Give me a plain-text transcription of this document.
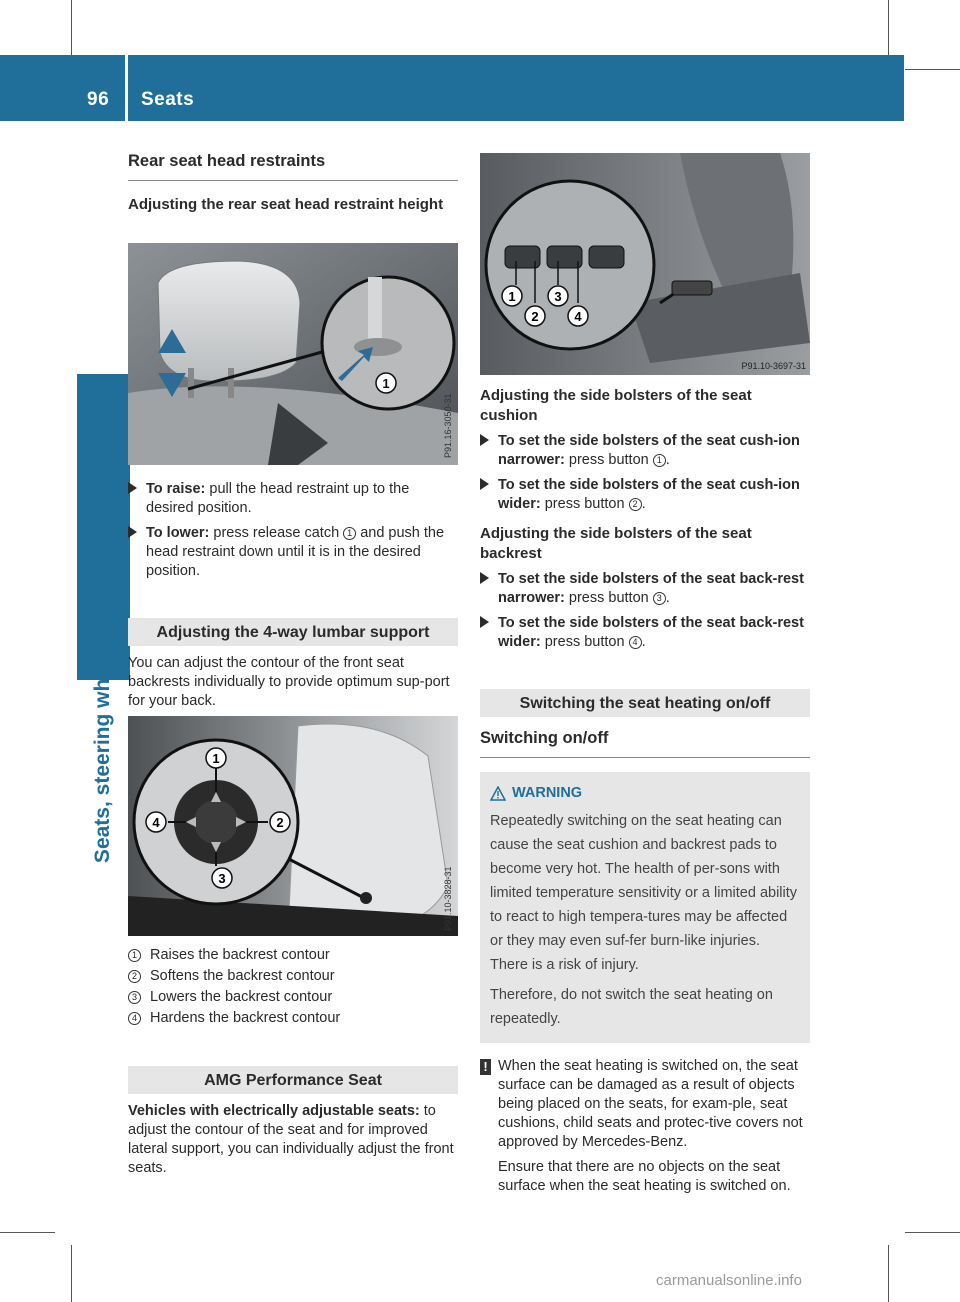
96 Seats
Seats, steering wheel and mirrors
Rear seat head restraints
Adjusting the rear seat head restraint height
1
P91.16-3050-31
To raise: pull the head restraint up to the desired position.
To lower: press release catch 1 and push the head restraint down until it is in the desired position.
Adjusting the 4-way lumbar support
You can adjust the contour of the front seat backrests individually to provide optimum sup-port for your back.
1
2
3
4
P91.10-3828-31
1 Raises the backrest contour
2 Softens the backrest contour
3 Lowers the backrest contour
4 Hardens the backrest contour
AMG Performance Seat
Vehicles with electrically adjustable seats: to adjust the contour of the seat and for improved lateral support, you can individually adjust the front seats.
1	3
2	4
P91.10-3697-31
Adjusting the side bolsters of the seat cushion
To set the side bolsters of the seat cush-ion narrower: press button 1 .
To set the side bolsters of the seat cush-ion wider: press button 2 .
Adjusting the side bolsters of the seat backrest
To set the side bolsters of the seat back-rest narrower: press button 3 .
To set the side bolsters of the seat back-rest wider: press button 4 .
Switching the seat heating on/off
Switching on/off
WARNING
Repeatedly switching on the seat heating can cause the seat cushion and backrest pads to become very hot. The health of per-sons with limited temperature sensitivity or a limited ability to react to high tempera-tures may be affected or they may even suf-fer burn-like injuries. There is a risk of injury.
Therefore, do not switch the seat heating on repeatedly.
! When the seat heating is switched on, the seat surface can be damaged as a result of objects being placed on the seats, for exam-ple, seat cushions, child seats and protec-tive covers not approved by Mercedes-Benz.
Ensure that there are no objects on the seat surface when the seat heating is switched on.
carmanualsonline.info
